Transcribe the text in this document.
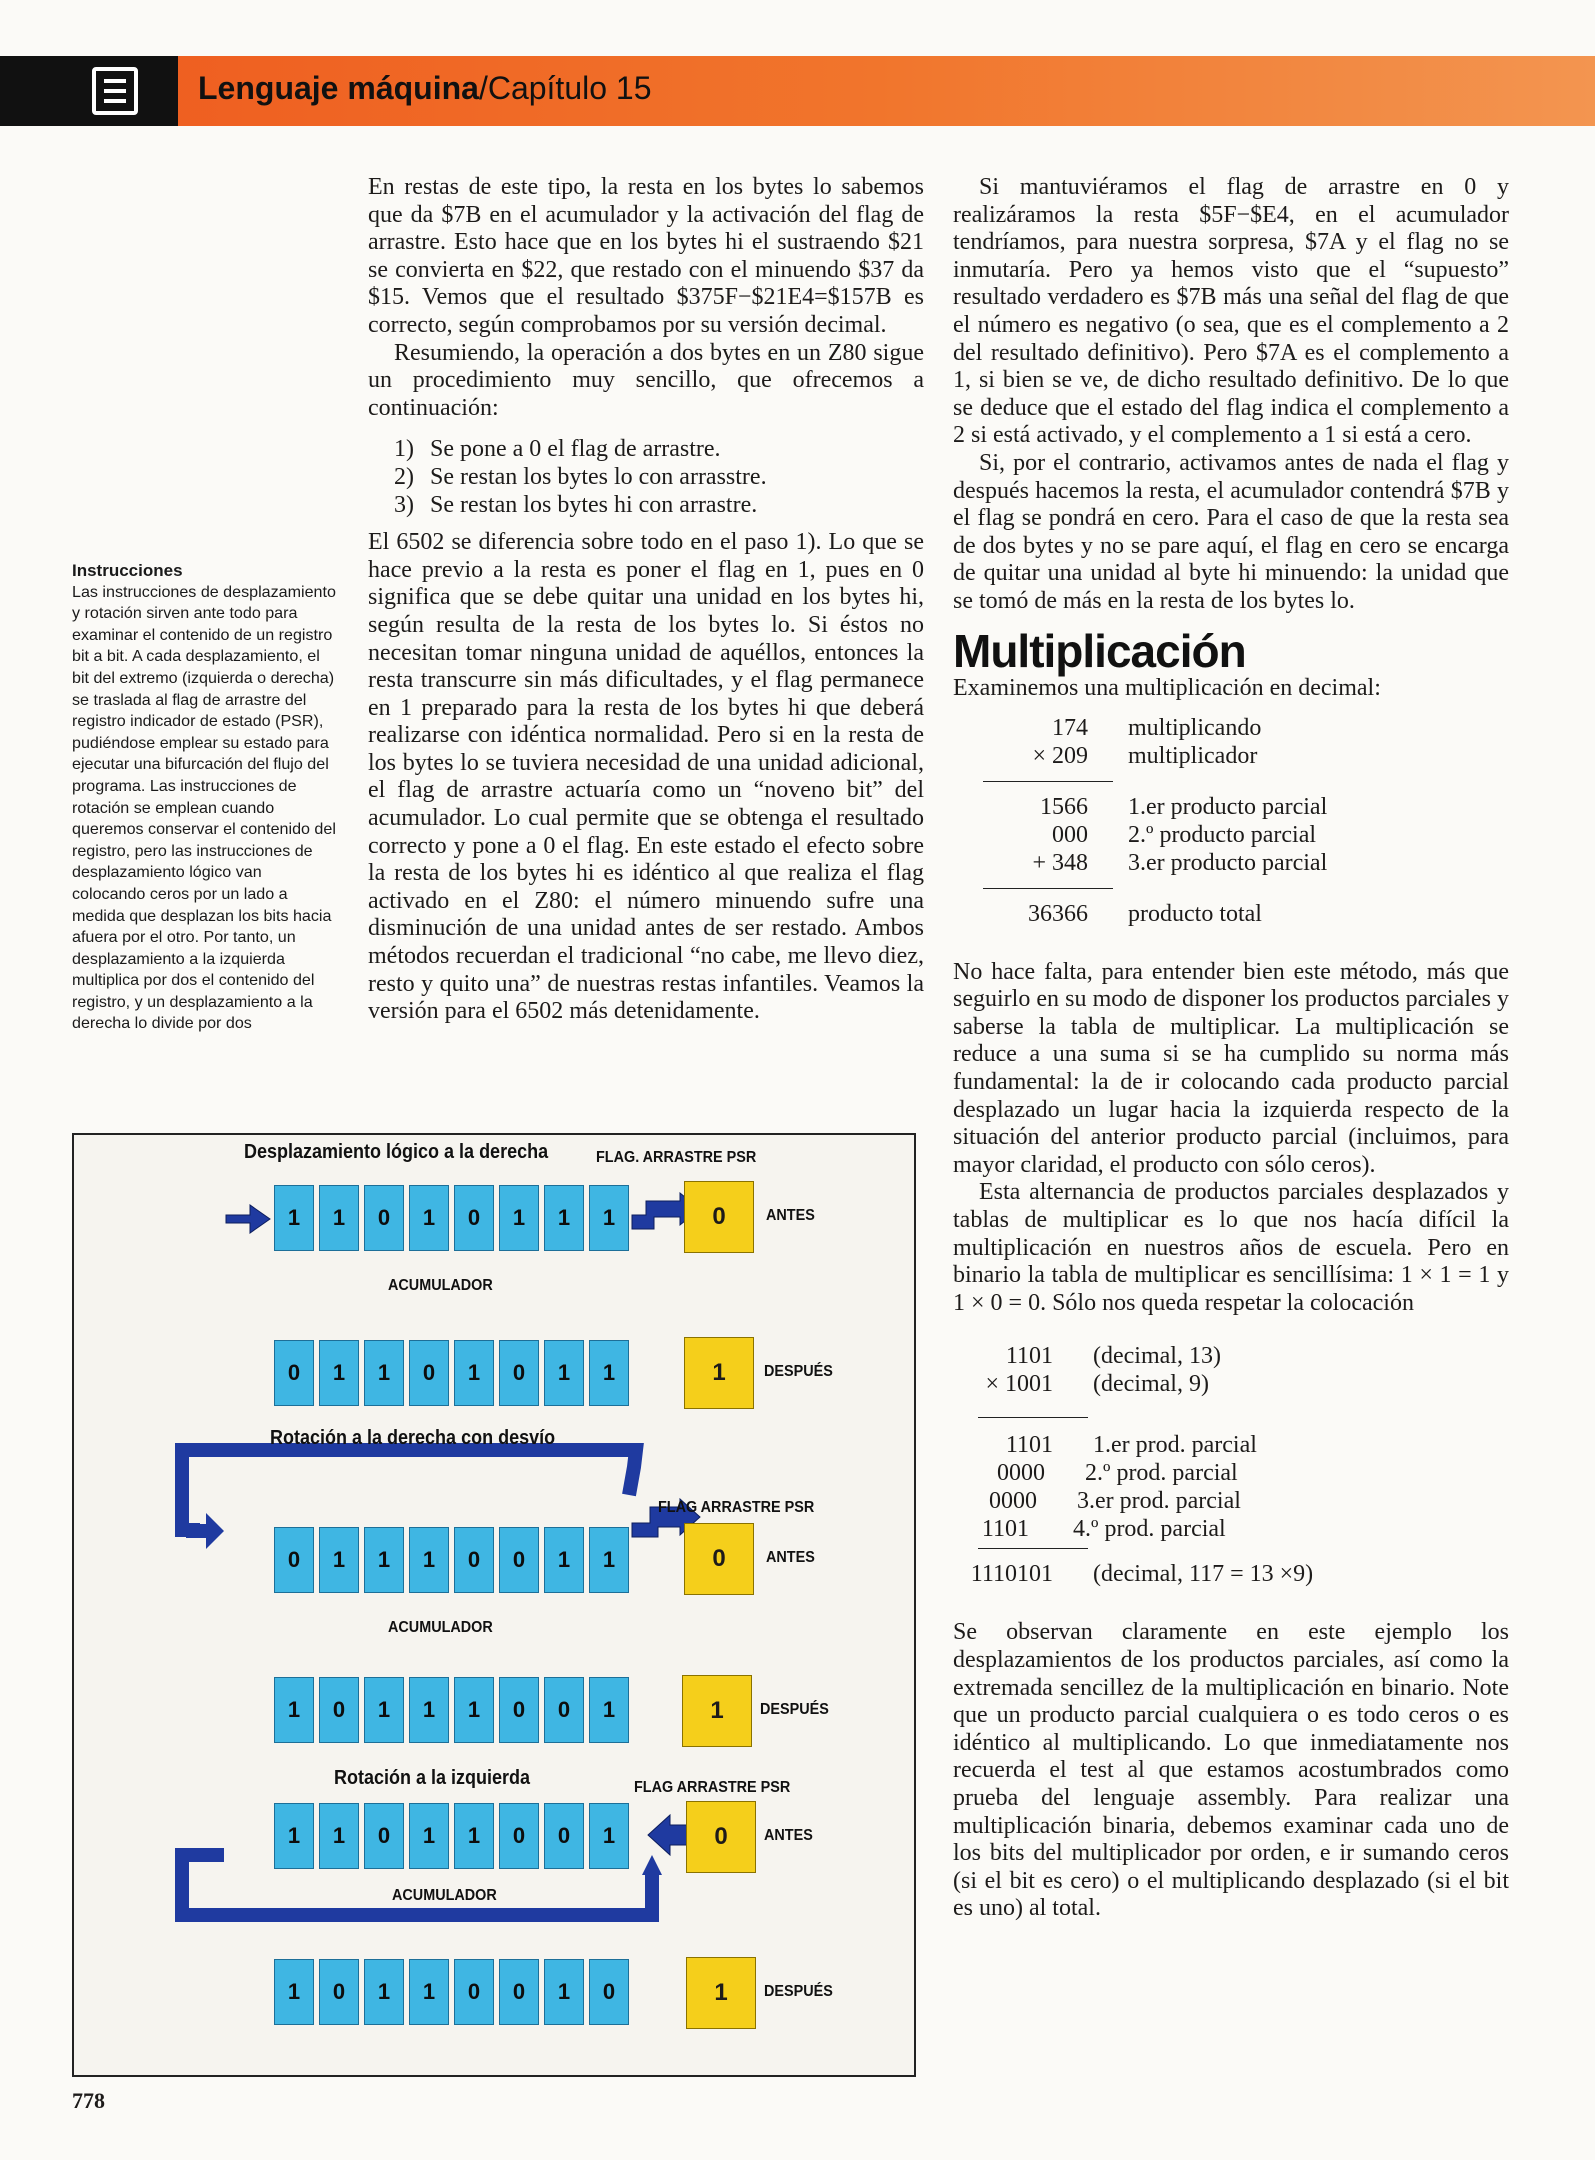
Lenguaje máquina/Capítulo 15
Instrucciones
Las instrucciones de desplazamiento y rotación sirven ante todo para examinar el contenido de un registro bit a bit. A cada desplazamiento, el bit del extremo (izquierda o derecha) se traslada al flag de arrastre del registro indicador de estado (PSR), pudiéndose emplear su estado para ejecutar una bifurcación del flujo del programa. Las instrucciones de rotación se emplean cuando queremos conservar el contenido del registro, pero las instrucciones de desplazamiento lógico van colocando ceros por un lado a medida que desplazan los bits hacia afuera por el otro. Por tanto, un desplazamiento a la izquierda multiplica por dos el contenido del registro, y un desplazamiento a la derecha lo divide por dos

En restas de este tipo, la resta en los bytes lo sabemos que da $7B en el acumulador y la activación del flag de arrastre. Esto hace que en los bytes hi el sustraendo $21 se convierta en $22, que restado con el minuendo $37 da $15. Vemos que el resultado $375F−$21E4=$157B es correcto, según comprobamos por su versión decimal.

Resumiendo, la operación a dos bytes en un Z80 sigue un procedimiento muy sencillo, que ofrecemos a continuación:

1) Se pone a 0 el flag de arrastre.
2) Se restan los bytes lo con arrasstre.
3) Se restan los bytes hi con arrastre.

El 6502 se diferencia sobre todo en el paso 1). Lo que se hace previo a la resta es poner el flag en 1, pues en 0 significa que se debe quitar una unidad en los bytes hi, según resulta de la resta de los bytes lo. Si éstos no necesitan tomar ninguna unidad de aquéllos, entonces la resta transcurre sin más dificultades, y el flag permanece en 1 preparado para la resta de los bytes hi que deberá realizarse con idéntica normalidad. Pero si en la resta de los bytes lo se tuviera necesidad de una unidad adicional, el flag de arrastre actuaría como un “noveno bit” del acumulador. Lo cual permite que se obtenga el resultado correcto y pone a 0 el flag. En este estado el efecto sobre la resta de los bytes hi es idéntico al que realiza el flag activado en el Z80: el número minuendo sufre una disminución de una unidad antes de ser restado. Ambos métodos recuerdan el tradicional “no cabe, me llevo diez, resto y quito una” de nuestras restas infantiles. Veamos la versión para el 6502 más detenidamente.

Si mantuviéramos el flag de arrastre en 0 y realizáramos la resta $5F−$E4, en el acumulador tendríamos, para nuestra sorpresa, $7A y el flag no se inmutaría. Pero ya hemos visto que el “supuesto” resultado verdadero es $7B más una señal del flag de que el número es negativo (o sea, que es el complemento a 2 del resultado definitivo). Pero $7A es el complemento a 1, si bien se ve, de dicho resultado definitivo. De lo que se deduce que el estado del flag indica el complemento a 2 si está activado, y el complemento a 1 si está a cero.

Si, por el contrario, activamos antes de nada el flag y después hacemos la resta, el acumulador contendrá $7B y el flag se pondrá en cero. Para el caso de que la resta sea de dos bytes y no se pare aquí, el flag en cero se encarga de quitar una unidad al byte hi minuendo: la unidad que se tomó de más en la resta de los bytes lo.

Multiplicación

Examinemos una multiplicación en decimal:

174	multiplicando
× 209	multiplicador
1566	1.er producto parcial
000	2.º producto parcial
+ 348	3.er producto parcial
36366	producto total

No hace falta, para entender bien este método, más que seguirlo en su modo de disponer los productos parciales y saberse la tabla de multiplicar. La multiplicación se reduce a una suma si se ha cumplido su norma más fundamental: la de ir colocando cada producto parcial desplazado un lugar hacia la izquierda respecto de la situación del anterior producto parcial (incluimos, para mayor claridad, el producto con sólo ceros).

Esta alternancia de productos parciales desplazados y tablas de multiplicar es lo que nos hacía difícil la multiplicación en nuestros años de escuela. Pero en binario la tabla de multiplicar es sencillísima: 1 × 1 = 1 y 1 × 0 = 0. Sólo nos queda respetar la colocación

1101	(decimal, 13)
× 1001	(decimal, 9)
1101	1.er prod. parcial
0000	2.º prod. parcial
0000	3.er prod. parcial
1101	4.º prod. parcial
1110101	(decimal, 117 = 13 ×9)

Se observan claramente en este ejemplo los desplazamientos de los productos parciales, así como la extremada sencillez de la multiplicación en binario. Note que un producto parcial cualquiera o es todo ceros o es idéntico al multiplicando. Lo que inmediatamente nos recuerda el test al que estamos acostumbrados como prueba del lenguaje assembly. Para realizar una multiplicación binaria, debemos examinar cada uno de los bits del multiplicador por orden, e ir sumando ceros (si el bit es cero) o el multiplicando desplazado (si el bit es uno) al total.

Desplazamiento lógico a la derecha	FLAG. ARRASTRE PSR
1	1	0	1	0	1	1	1	0	ANTES
ACUMULADOR
0	1	1	0	1	0	1	1	1	DESPUÉS
Rotación a la derecha con desvío
FLAG ARRASTRE PSR
0	1	1	1	0	0	1	1	0	ANTES
ACUMULADOR
1	0	1	1	1	0	0	1	1	DESPUÉS
Rotación a la izquierda	FLAG ARRASTRE PSR
1	1	0	1	1	0	0	1	0	ANTES
ACUMULADOR
1	0	1	1	0	0	1	0	1	DESPUÉS
778
